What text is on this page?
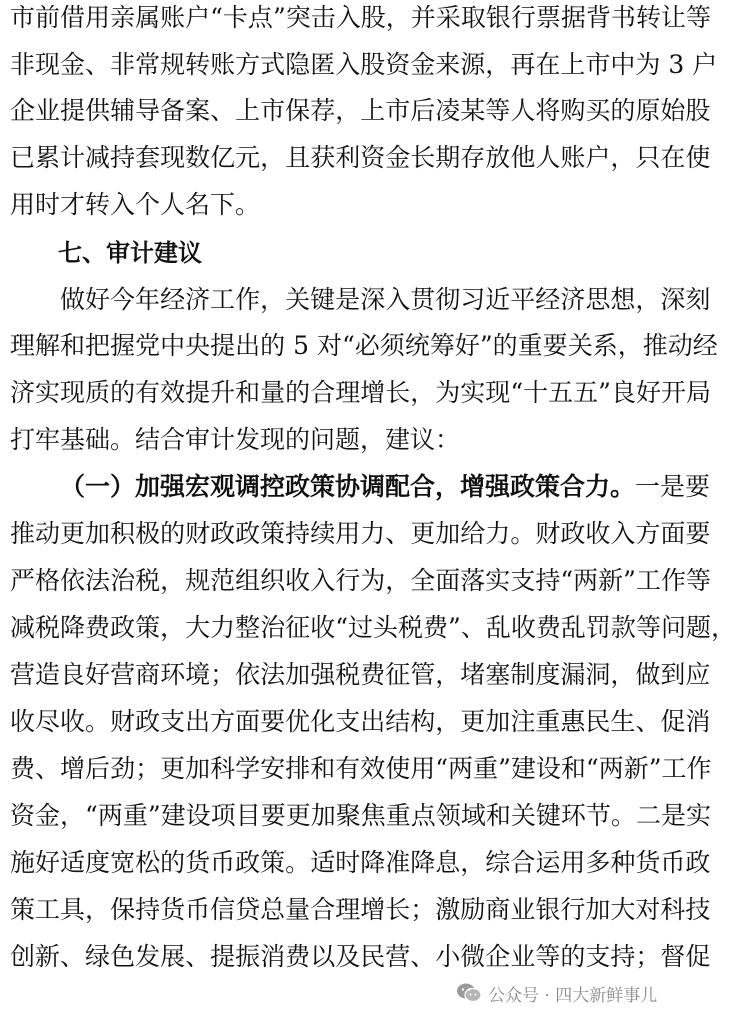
市 前 借 用 亲 属 账 户 “ 卡 点 ” 突 击 入 股 ， 并 采 取 银 行 票 据 背 书 转 让 等
非 现 金 、 非 常 规 转 账 方 式 隐 匿 入 股 资 金 来 源 ， 再 在 上 市 中 为
3
户
企 业 提 供 辅 导 备 案 、 上 市 保 荐 ， 上 市 后 凌 某 等 人 将 购 买 的 原 始 股
已 累 计 减 持 套 现 数 亿 元 ， 且 获 利 资 金 长 期 存 放 他 人 账 户 ， 只 在 使
用时才转入个人名下。
七、审计建议
做 好 今 年 经 济 工 作 ， 关 键 是 深 入 贯 彻 习 近 平 经 济 思 想 ， 深 刻
理 解 和 把 握 党 中 央 提 出 的
5
对 “ 必 须 统 筹 好 ” 的 重 要 关 系 ， 推 动 经
济 实 现 质 的 有 效 提 升 和 量 的 合 理 增 长 ， 为 实 现 “ 十 五 五 ” 良 好 开 局
打牢基础。结合审计发现的问题，建议：
（一）加强宏观调控政策协调配合，增强政策合力。 一是要
推 动 更 加 积 极 的 财 政 政 策 持 续 用 力 、 更 加 给 力 。 财 政 收 入 方 面 要
严 格 依 法 治 税 ， 规 范 组 织 收 入 行 为 ， 全 面 落 实 支 持 “ 两 新 ” 工 作 等
减 税 降 费 政 策 ， 大 力 整 治 征 收 “ 过 头 税 费 ” 、 乱 收 费 乱 罚 款 等 问 题 ，
营 造 良 好 营 商 环 境 ； 依 法 加 强 税 费 征 管 ， 堵 塞 制 度 漏 洞 ， 做 到 应
收 尽 收 。 财 政 支 出 方 面 要 优 化 支 出 结 构 ， 更 加 注 重 惠 民 生 、 促 消
费 、 增 后 劲 ； 更 加 科 学 安 排 和 有 效 使 用 “ 两 重 ” 建 设 和 “ 两 新 ” 工 作
资 金 ， “ 两 重 ” 建 设 项 目 要 更 加 聚 焦 重 点 领 域 和 关 键 环 节 。 二 是 实
施 好 适 度 宽 松 的 货 币 政 策 。 适 时 降 准 降 息 ， 综 合 运 用 多 种 货 币 政
策 工 具 ， 保 持 货 币 信 贷 总 量 合 理 增 长 ； 激 励 商 业 银 行 加 大 对 科 技
创 新 、 绿 色 发 展 、 提 振 消 费 以 及 民 营 、 小 微 企 业 等 的 支 持 ； 督 促
公众号 · 四大新鲜事儿
